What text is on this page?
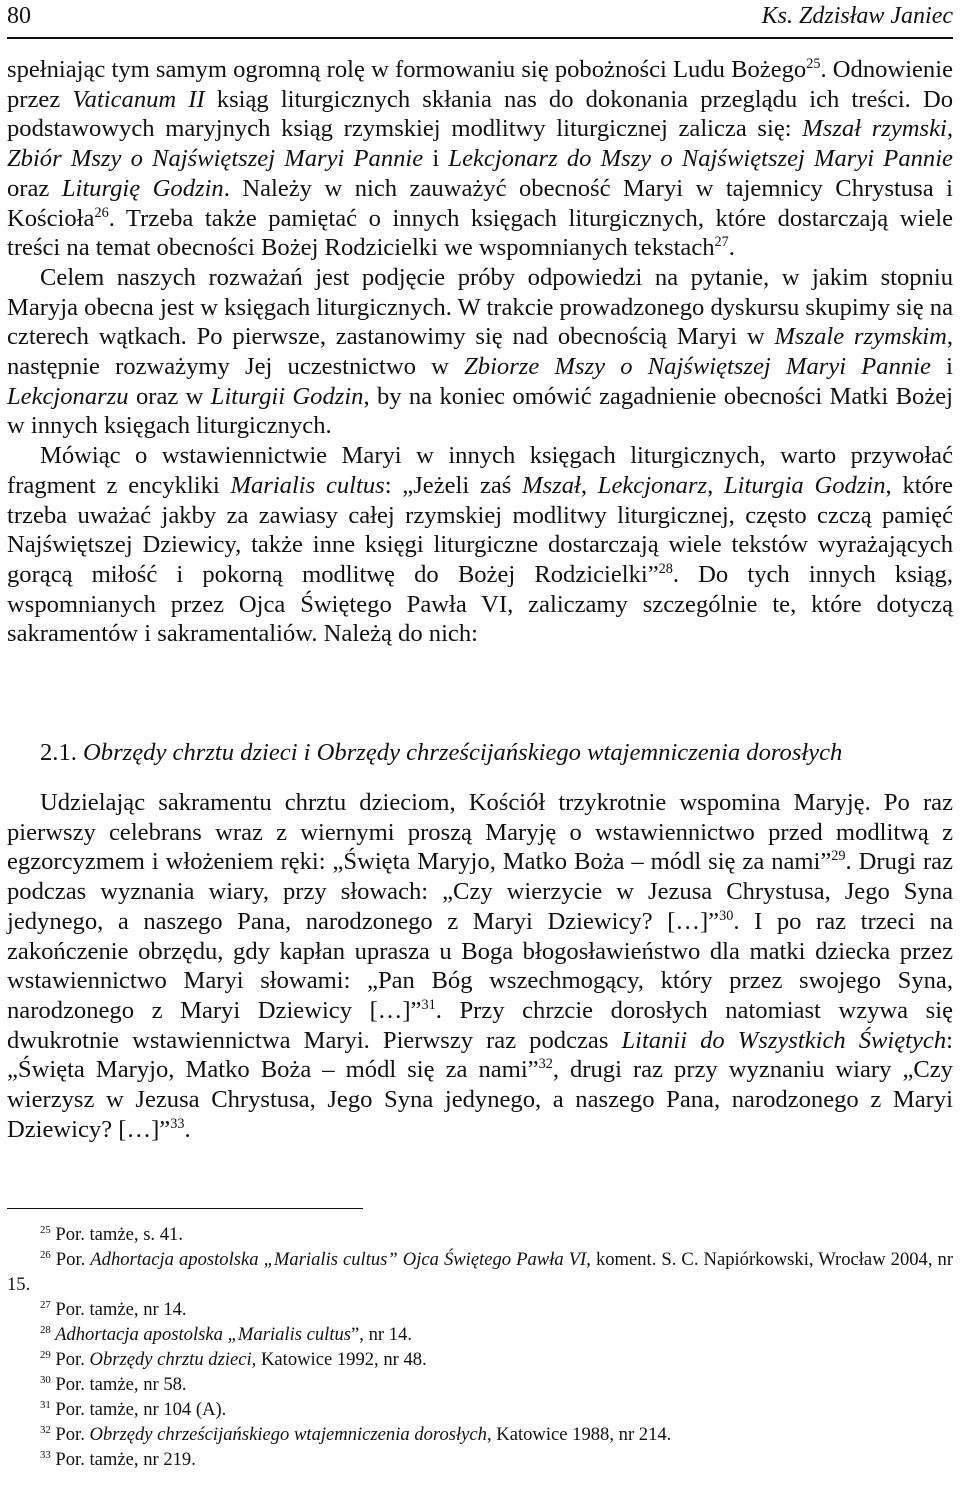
80	Ks. Zdzisław Janiec

spełniając tym samym ogromną rolę w formowaniu się pobożności Ludu Bożego$^{25}$. Odnowienie przez Vaticanum II ksiąg liturgicznych skłania nas do dokonania przeglądu ich treści. Do podstawowych maryjnych ksiąg rzymskiej modlitwy liturgicznej zalicza się: Mszał rzymski, Zbiór Mszy o Najświętszej Maryi Pannie i Lekcjonarz do Mszy o Najświętszej Maryi Pannie oraz Liturgię Godzin. Należy w nich zauważyć obecność Maryi w tajemnicy Chrystusa i Kościoła$^{26}$. Trzeba także pamiętać o innych księgach liturgicznych, które dostarczają wiele treści na temat obecności Bożej Rodzicielki we wspomnianych tekstach$^{27}$.

Celem naszych rozważań jest podjęcie próby odpowiedzi na pytanie, w jakim stopniu Maryja obecna jest w księgach liturgicznych. W trakcie prowadzonego dyskursu skupimy się na czterech wątkach. Po pierwsze, zastanowimy się nad obecnością Maryi w Mszale rzymskim, następnie rozważymy Jej uczestnictwo w Zbiorze Mszy o Najświętszej Maryi Pannie i Lekcjonarzu oraz w Liturgii Godzin, by na koniec omówić zagadnienie obecności Matki Bożej w innych księgach liturgicznych.

Mówiąc o wstawiennictwie Maryi w innych księgach liturgicznych, warto przywołać fragment z encykliki Marialis cultus: „Jeżeli zaś Mszał, Lekcjonarz, Liturgia Godzin, które trzeba uważać jakby za zawiasy całej rzymskiej modlitwy liturgicznej, często czczą pamięć Najświętszej Dziewicy, także inne księgi liturgiczne dostarczają wiele tekstów wyrażających gorącą miłość i pokorną modlitwę do Bożej Rodzicielki”$^{28}$. Do tych innych ksiąg, wspomnianych przez Ojca Świętego Pawła VI, zaliczamy szczególnie te, które dotyczą sakramentów i sakramentaliów. Należą do nich:

2.1. Obrzędy chrztu dzieci i Obrzędy chrześcijańskiego wtajemniczenia dorosłych

Udzielając sakramentu chrztu dzieciom, Kościół trzykrotnie wspomina Maryję. Po raz pierwszy celebrans wraz z wiernymi proszą Maryję o wstawiennictwo przed modlitwą z egzorcyzmem i włożeniem ręki: „Święta Maryjo, Matko Boża – módl się za nami”$^{29}$. Drugi raz podczas wyznania wiary, przy słowach: „Czy wierzycie w Jezusa Chrystusa, Jego Syna jedynego, a naszego Pana, narodzonego z Maryi Dziewicy? […]”$^{30}$. I po raz trzeci na zakończenie obrzędu, gdy kapłan uprasza u Boga błogosławieństwo dla matki dziecka przez wstawiennictwo Maryi słowami: „Pan Bóg wszechmogący, który przez swojego Syna, narodzonego z Maryi Dziewicy […]”$^{31}$. Przy chrzcie dorosłych natomiast wzywa się dwukrotnie wstawiennictwa Maryi. Pierwszy raz podczas Litanii do Wszystkich Świętych: „Święta Maryjo, Matko Boża – módl się za nami”$^{32}$, drugi raz przy wyznaniu wiary „Czy wierzysz w Jezusa Chrystusa, Jego Syna jedynego, a naszego Pana, narodzonego z Maryi Dziewicy? […]”$^{33}$.

$^{25}$ Por. tamże, s. 41.

$^{26}$ Por. Adhortacja apostolska „Marialis cultus” Ojca Świętego Pawła VI, koment. S. C. Napiórkowski, Wrocław 2004, nr 15.

$^{27}$ Por. tamże, nr 14.

$^{28}$ Adhortacja apostolska „Marialis cultus”, nr 14.

$^{29}$ Por. Obrzędy chrztu dzieci, Katowice 1992, nr 48.

$^{30}$ Por. tamże, nr 58.

$^{31}$ Por. tamże, nr 104 (A).

$^{32}$ Por. Obrzędy chrześcijańskiego wtajemniczenia dorosłych, Katowice 1988, nr 214.

$^{33}$ Por. tamże, nr 219.
